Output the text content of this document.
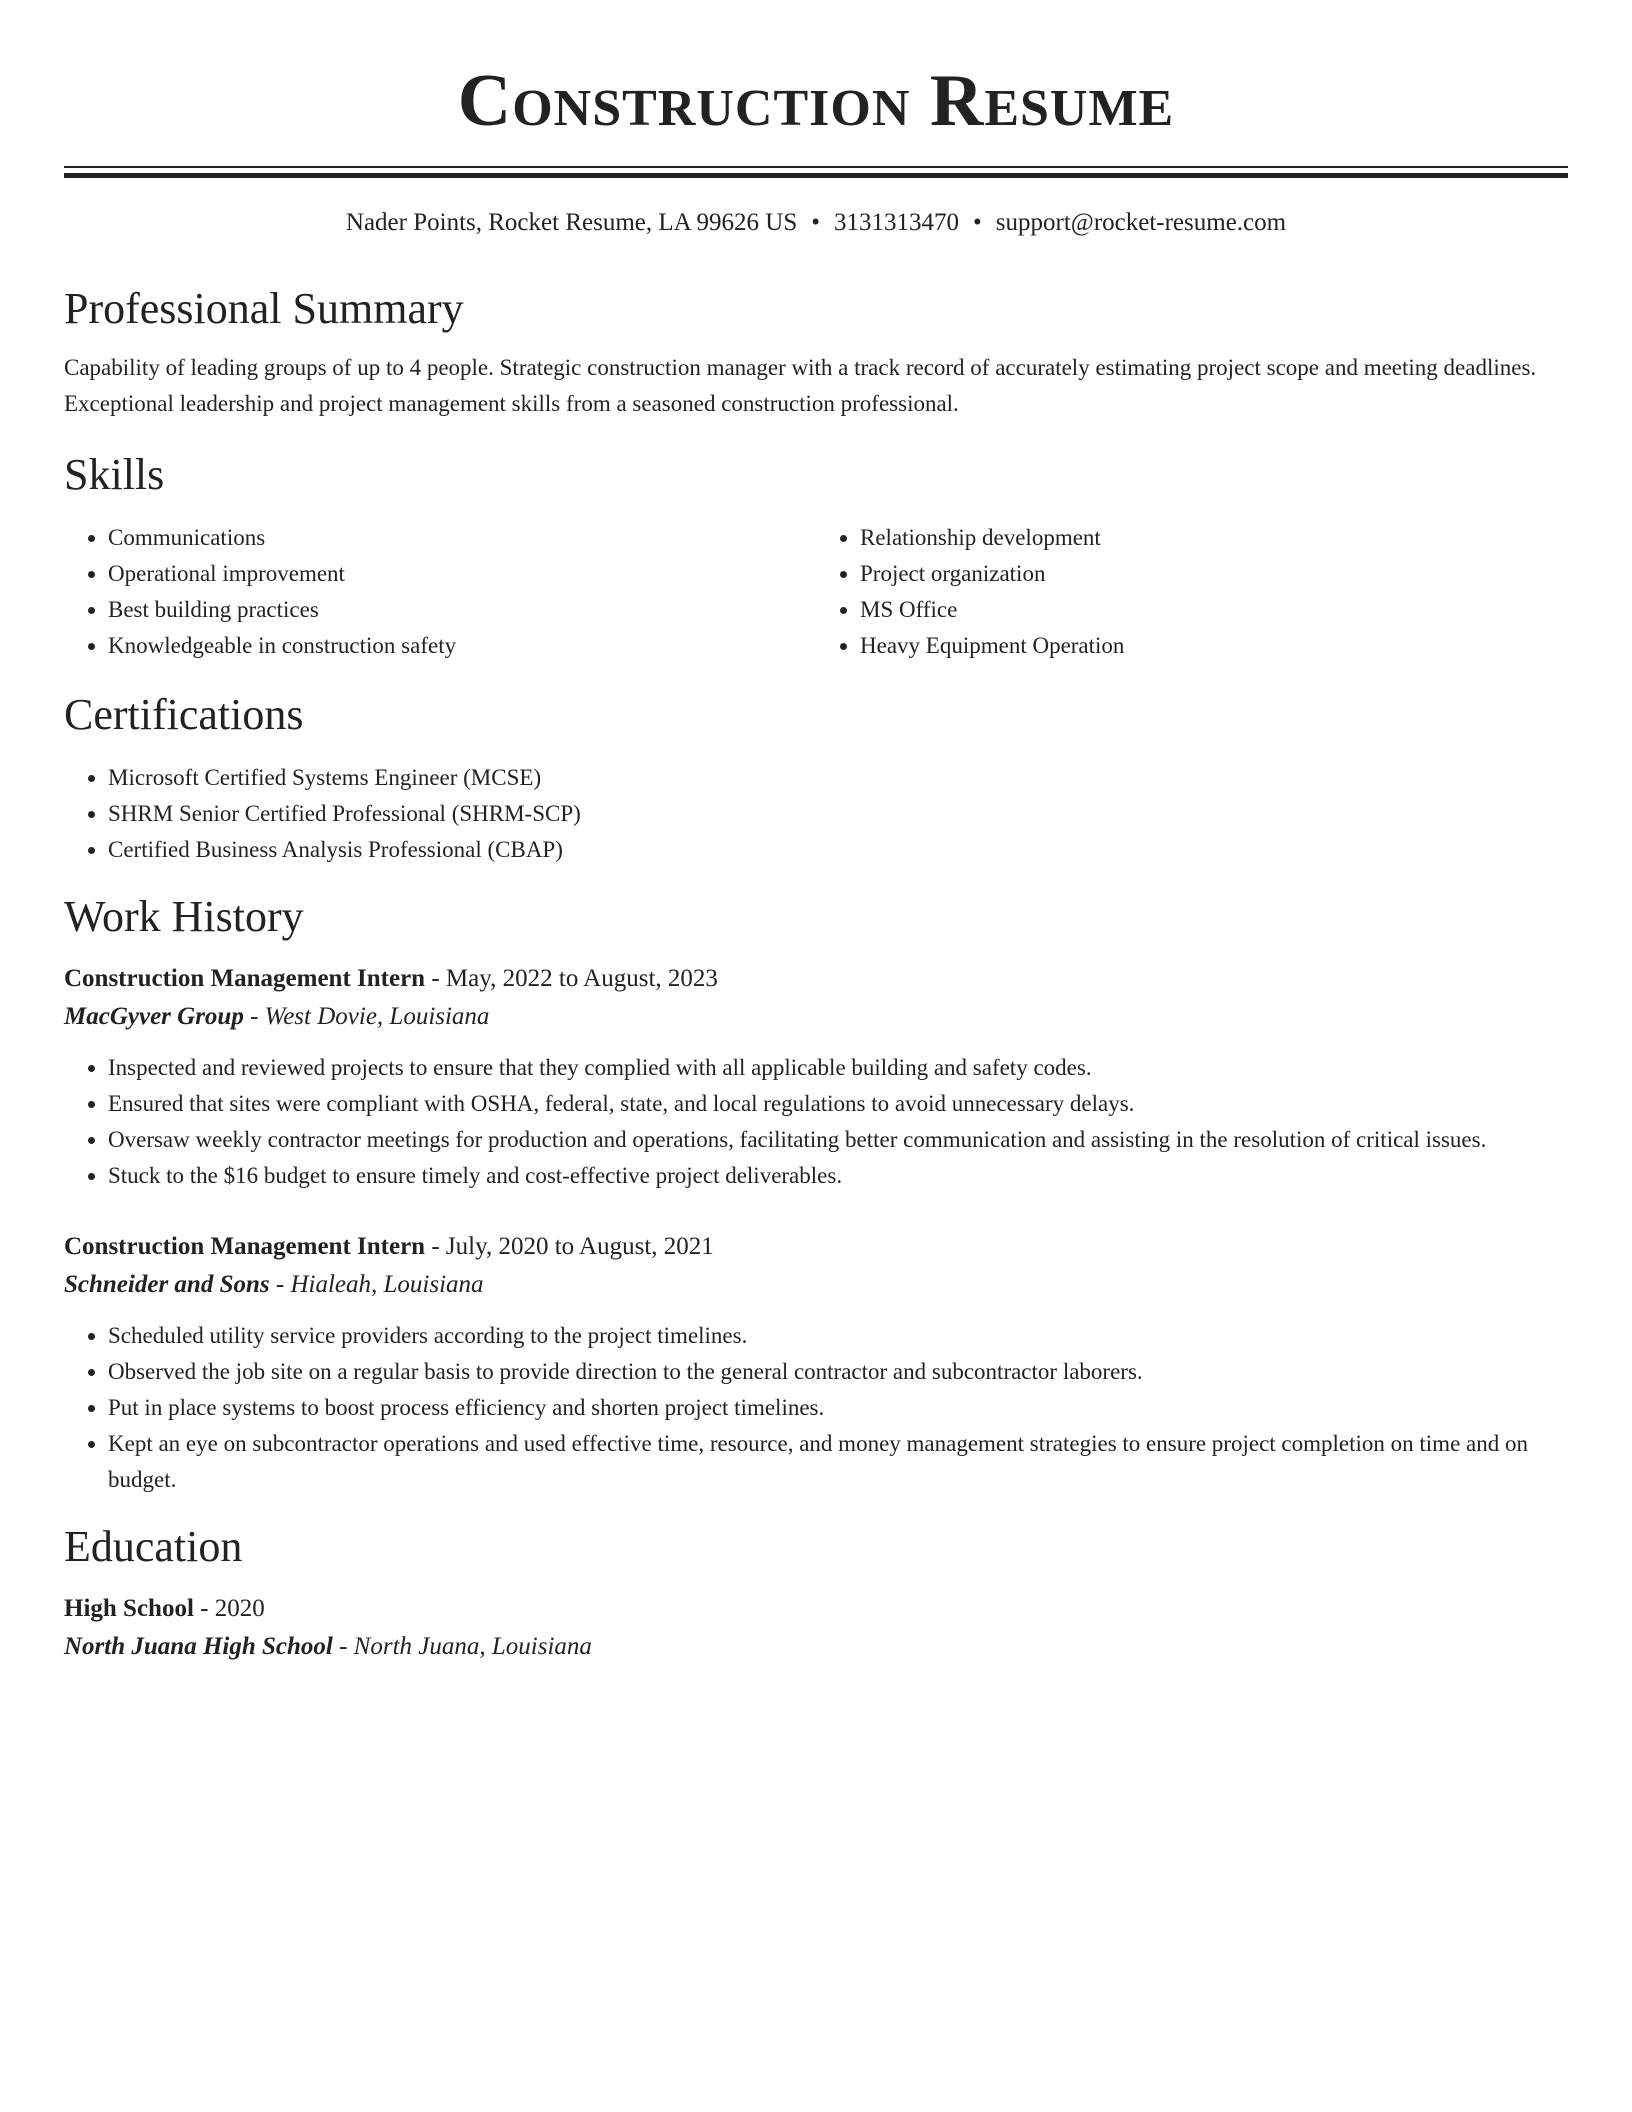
Construction Resume
Nader Points, Rocket Resume, LA 99626 US • 3131313470 • support@rocket-resume.com
Professional Summary
Capability of leading groups of up to 4 people. Strategic construction manager with a track record of accurately estimating project scope and meeting deadlines. Exceptional leadership and project management skills from a seasoned construction professional.
Skills
• Communications
• Operational improvement
• Best building practices
• Knowledgeable in construction safety
• Relationship development
• Project organization
• MS Office
• Heavy Equipment Operation
Certifications
• Microsoft Certified Systems Engineer (MCSE)
• SHRM Senior Certified Professional (SHRM-SCP)
• Certified Business Analysis Professional (CBAP)
Work History
Construction Management Intern - May, 2022 to August, 2023
MacGyver Group - West Dovie, Louisiana
• Inspected and reviewed projects to ensure that they complied with all applicable building and safety codes.
• Ensured that sites were compliant with OSHA, federal, state, and local regulations to avoid unnecessary delays.
• Oversaw weekly contractor meetings for production and operations, facilitating better communication and assisting in the resolution of critical issues.
• Stuck to the $16 budget to ensure timely and cost-effective project deliverables.
Construction Management Intern - July, 2020 to August, 2021
Schneider and Sons - Hialeah, Louisiana
• Scheduled utility service providers according to the project timelines.
• Observed the job site on a regular basis to provide direction to the general contractor and subcontractor laborers.
• Put in place systems to boost process efficiency and shorten project timelines.
• Kept an eye on subcontractor operations and used effective time, resource, and money management strategies to ensure project completion on time and on budget.
Education
High School - 2020
North Juana High School - North Juana, Louisiana
